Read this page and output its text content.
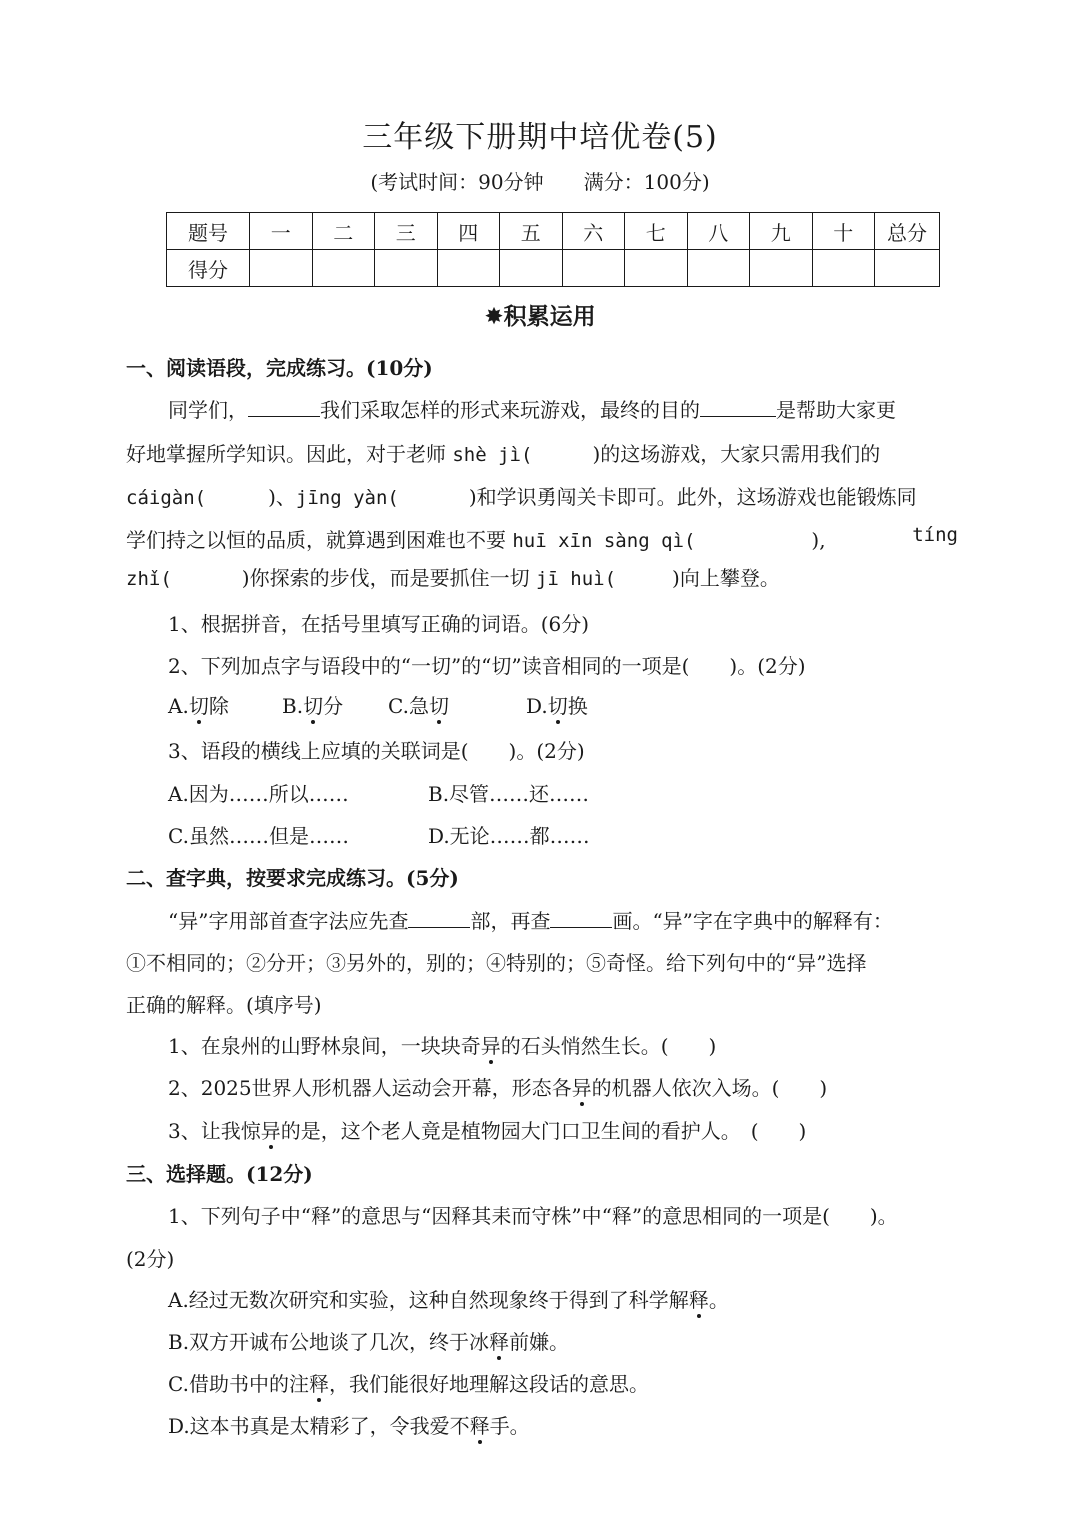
三年级下册期中培优卷(5)
(考试时间：90分钟 满分：100分)
题号	一	二	三	四	五	六	七	八	九	十	总分
得分											
✸积累运用
一、阅读语段，完成练习。(10分)
同学们，	我们采取怎样的形式来玩游戏，最终的目的	是帮助大家更
好地掌握所学知识。因此，对于老师 shè jì(	)的这场游戏，大家只需用我们的
cáigàn(	)、jīng yàn(	)和学识勇闯关卡即可。此外，这场游戏也能锻炼同
学们持之以恒的品质，就算遇到困难也不要 huī xīn sàng qì(	),	tíng
zhǐ(	)你探索的步伐，而是要抓住一切 jī huì(	)向上攀登。
1、根据拼音，在括号里填写正确的词语。(6分)
2、下列加点字与语段中的“一切”的“切”读音相同的一项是(　　)。(2分)
A.切除	B.切分 C.急切	D.切换
3、语段的横线上应填的关联词是(　　)。(2分)
A.因为……所以……	B.尽管……还……
C.虽然……但是……	D.无论……都……
二、查字典，按要求完成练习。(5分)
“异”字用部首查字法应先查	部，再查	画。“异”字在字典中的解释有：
①不相同的；②分开；③另外的，别的；④特别的；⑤奇怪。给下列句中的“异”选择
正确的解释。(填序号)
1、在泉州的山野林泉间，一块块奇异的石头悄然生长。(　　)
2、2025世界人形机器人运动会开幕，形态各异的机器人依次入场。(　　)
3、让我惊异的是，这个老人竟是植物园大门口卫生间的看护人。　(　　)
三、选择题。(12分)
1、下列句子中“释”的意思与“因释其耒而守株”中“释”的意思相同的一项是(　　)。
(2分)
A.经过无数次研究和实验，这种自然现象终于得到了科学解释。
B.双方开诚布公地谈了几次，终于冰释前嫌。
C.借助书中的注释，我们能很好地理解这段话的意思。
D.这本书真是太精彩了，令我爱不释手。
